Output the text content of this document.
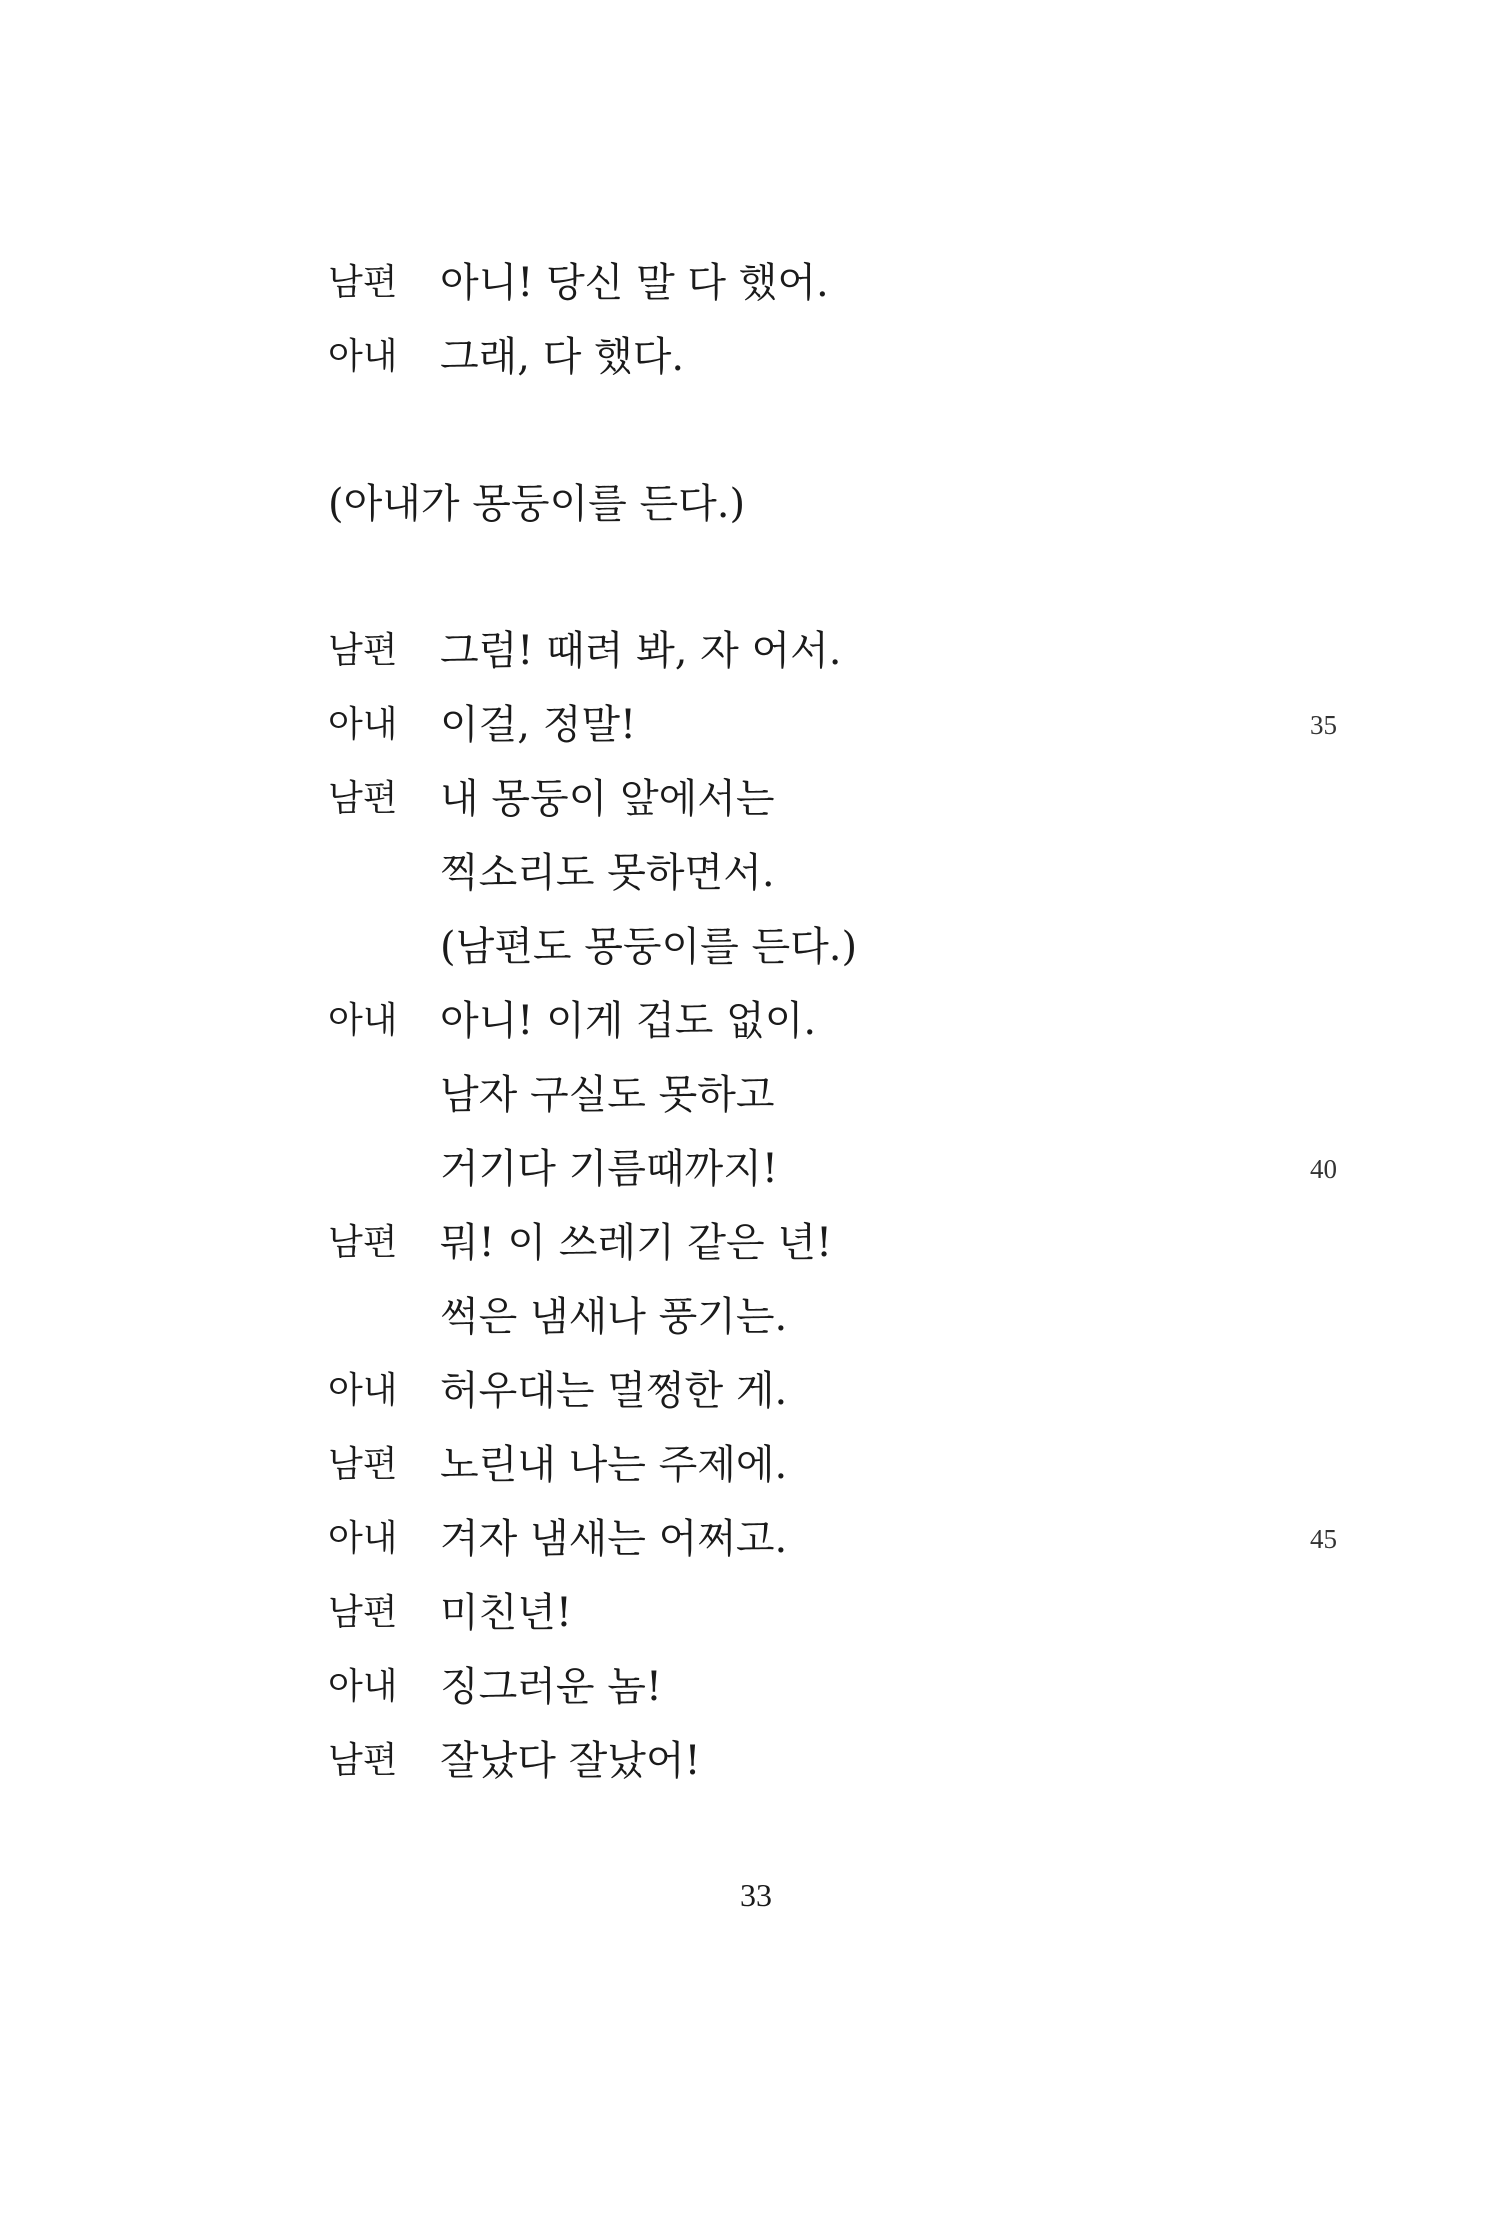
남편 아니! 당신 말 다 했어.
아내 그래, 다 했다.
(아내가 몽둥이를 든다.)
남편 그럼! 때려 봐, 자 어서.
아내 이걸, 정말!	35
남편 내 몽둥이 앞에서는
찍소리도 못하면서.
(남편도 몽둥이를 든다.)
아내 아니! 이게 겁도 없이.
남자 구실도 못하고
거기다 기름때까지!	40
남편 뭐! 이 쓰레기 같은 년!
썩은 냄새나 풍기는.
아내 허우대는 멀쩡한 게.
남편 노린내 나는 주제에.
아내 겨자 냄새는 어쩌고.	45
남편 미친년!
아내 징그러운 놈!
남편 잘났다 잘났어!
33
